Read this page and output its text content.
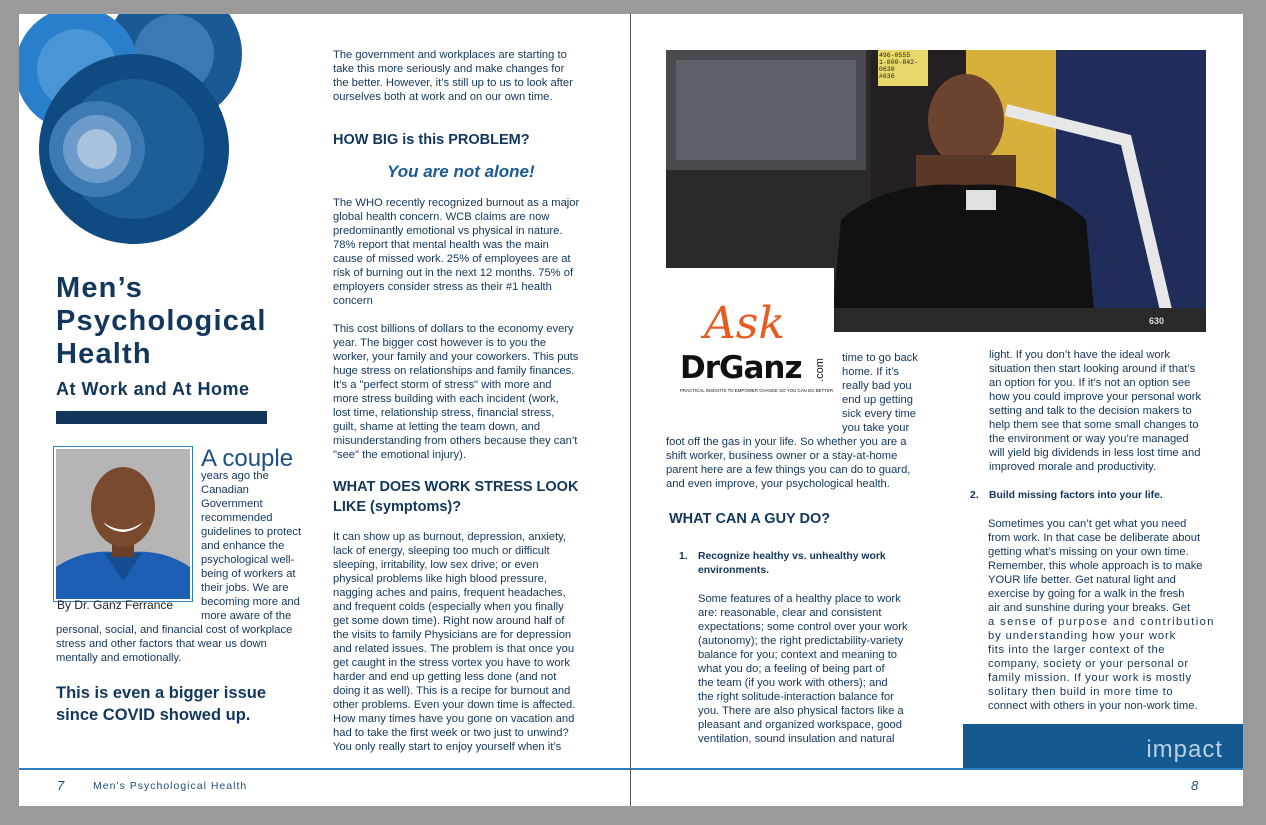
Men’s
Psychological
Health
At Work and At Home
By Dr. Ganz Ferrance
A couple

years ago the

Canadian

Government

recommended

guidelines to protect

and enhance the

psychological well-

being of workers at

their jobs. We are

becoming more and

more aware of the

personal, social, and financial cost of workplace

stress and other factors that wear us down

mentally and emotionally.

This is even a bigger issue
since COVID showed up.

The government and workplaces are starting to

take this more seriously and make changes for

the better. However, it’s still up to us to look after

ourselves both at work and on our own time.

HOW BIG is this PROBLEM?
You are not alone!

The WHO recently recognized burnout as a major

global health concern. WCB claims are now

predominantly emotional vs physical in nature.

78% report that mental health was the main

cause of missed work. 25% of employees are at

risk of burning out in the next 12 months. 75% of

employers consider stress as their #1 health

concern

This cost billions of dollars to the economy every

year. The bigger cost however is to you the

worker, your family and your coworkers. This puts

huge stress on relationships and family finances.

It’s a "perfect storm of stress" with more and

more stress building with each incident (work,

lost time, relationship stress, financial stress,

guilt, shame at letting the team down, and

misunderstanding from others because they can’t

"see" the emotional injury).

WHAT DOES WORK STRESS LOOK
LIKE (symptoms)?

It can show up as burnout, depression, anxiety,

lack of energy, sleeping too much or difficult

sleeping, irritability, low sex drive; or even

physical problems like high blood pressure,

nagging aches and pains, frequent headaches,

and frequent colds (especially when you finally

get some down time). Right now around half of

the visits to family Physicians are for depression

and related issues. The problem is that once you

get caught in the stress vortex you have to work

harder and end up getting less done (and not

doing it as well). This is a recipe for burnout and

other problems. Even your down time is affected.

How many times have you gone on vacation and

had to take the first week or two just to unwind?

You only really start to enjoy yourself when it’s

7	Men’s Psychological Health
496-0555
1-800-842-0630
#630
630
Ask
DrGanz .com
PRACTICAL INSIGHTS TO EMPOWER CHANGE SO YOU CAN DO BETTER

time to go back

home. If it’s

really bad you

end up getting

sick every time

you take your

foot off the gas in your life. So whether you are a

shift worker, business owner or a stay-at-home

parent here are a few things you can do to guard,

and even improve, your psychological health.

WHAT CAN A GUY DO?
1. Recognize healthy vs. unhealthy work
environments.

Some features of a healthy place to work

are: reasonable, clear and consistent

expectations; some control over your work

(autonomy); the right predictability-variety

balance for you; context and meaning to

what you do; a feeling of being part of

the team (if you work with others); and

the right solitude-interaction balance for

you. There are also physical factors like a

pleasant and organized workspace, good

ventilation, sound insulation and natural

light. If you don’t have the ideal work

situation then start looking around if that’s

an option for you. If it’s not an option see

how you could improve your personal work

setting and talk to the decision makers to

help them see that some small changes to

the environment or way you’re managed

will yield big dividends in less lost time and

improved morale and productivity.

2. Build missing factors into your life.

Sometimes you can’t get what you need

from work. In that case be deliberate about

getting what’s missing on your own time.

Remember, this whole approach is to make

YOUR life better. Get natural light and

exercise by going for a walk in the fresh

air and sunshine during your breaks. Get

a sense of purpose and contribution

by understanding how your work

fits into the larger context of the

company, society or your personal or

family mission. If your work is mostly

solitary then build in more time to

connect with others in your non-work time.

impact
8
